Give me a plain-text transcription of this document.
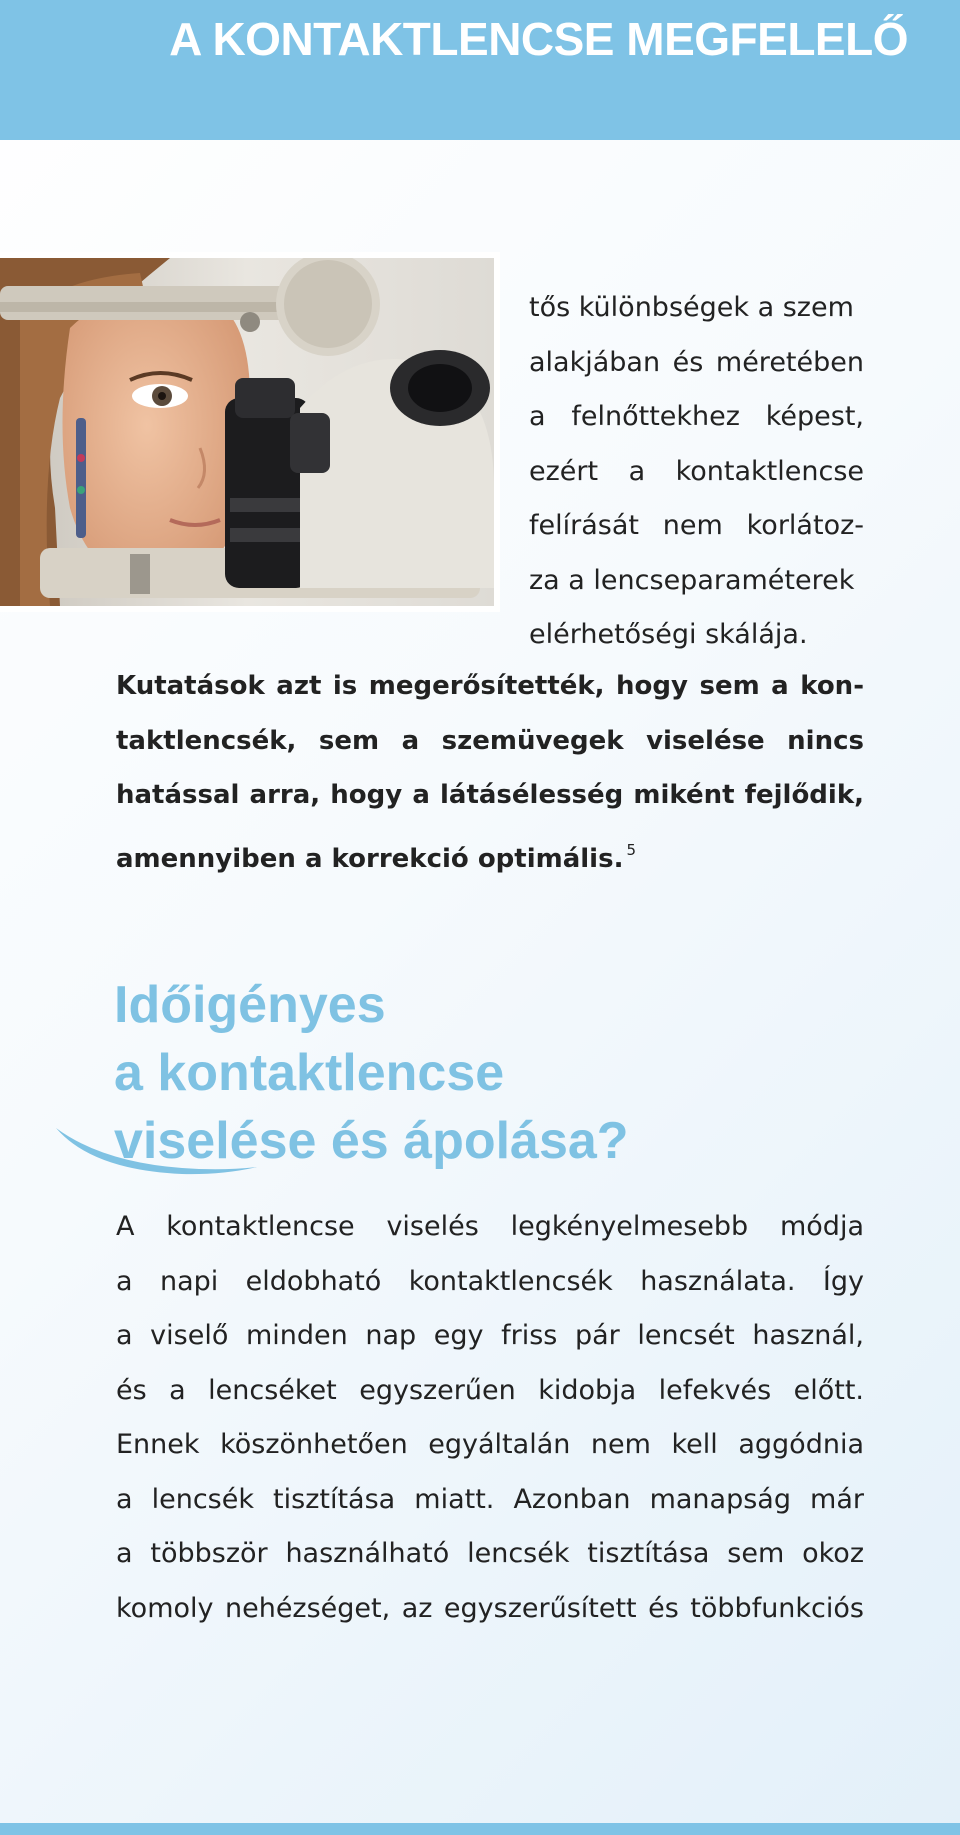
A KONTAKTLENCSE MEGFELELŐ
tős különbségek a szem
alakjában és méretében
a felnőttekhez képest,
ezért a kontaktlencse
felírását nem korlátoz-
za a lencseparaméterek
elérhetőségi skálája.
Kutatások azt is megerősítették, hogy sem a kon-
taktlencsék, sem a szemüvegek viselése nincs
hatással arra, hogy a látásélesség miként fejlődik,
amennyiben a korrekció optimális. $^5$
Időigényes
a kontaktlencse
viselése és ápolása?
A kontaktlencse viselés legkényelmesebb módja
a napi eldobható kontaktlencsék használata. Így
a viselő minden nap egy friss pár lencsét használ,
és a lencséket egyszerűen kidobja lefekvés előtt.
Ennek köszönhetően egyáltalán nem kell aggódnia
a lencsék tisztítása miatt. Azonban manapság már
a többször használható lencsék tisztítása sem okoz
komoly nehézséget, az egyszerűsített és többfunkciós
